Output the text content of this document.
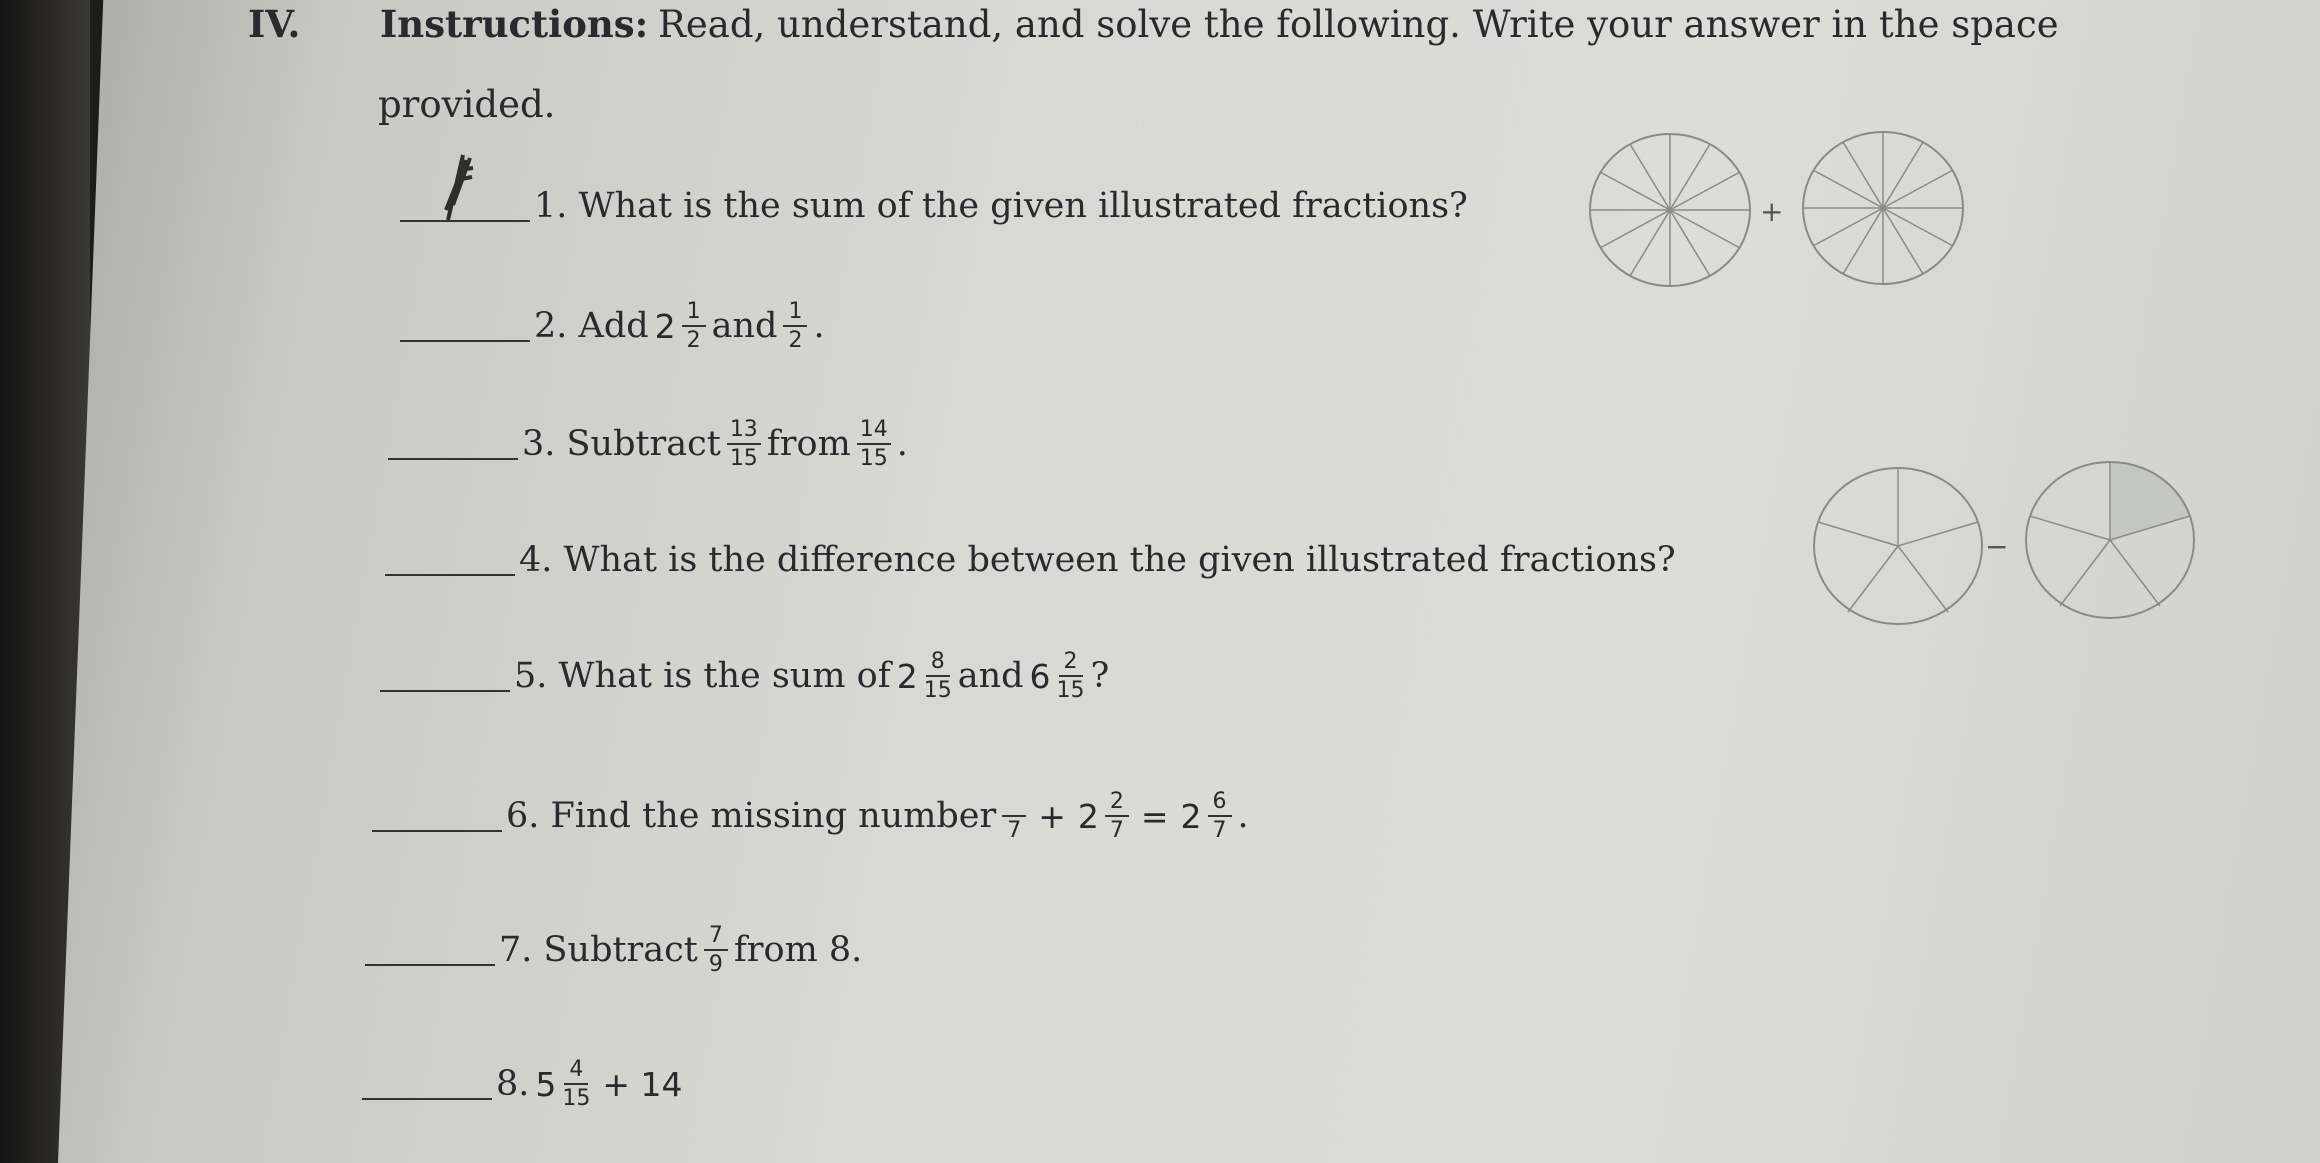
IV. Instructions: Read, understand, and solve the following. Write your answer in the space
provided.
1.
What is the sum of the given illustrated fractions?	+
2.
Add $2 \frac{1}{2}$ and $\frac{1}{2}$ .
3.
Subtract $\frac{13}{15}$ from $\frac{14}{15}$ .
4.
What is the difference between the given illustrated fractions?	−
5.
What is the sum of $2 \frac{8}{15}$ and $6 \frac{2}{15}$ ?
6.
Find the missing number
$7 + 2 \frac{2}{7} = 2 \frac{6}{7}$ .
7.
Subtract $\frac{7}{9}$ from 8.
8. $5 \frac{4}{15} + 14$
